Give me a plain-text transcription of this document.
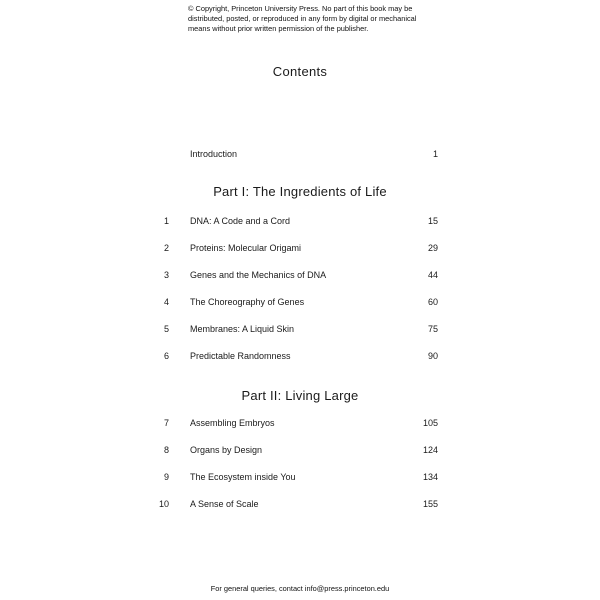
© Copyright, Princeton University Press. No part of this book may be distributed, posted, or reproduced in any form by digital or mechanical means without prior written permission of the publisher.
Contents
Introduction	1
Part I: The Ingredients of Life
1 DNA: A Code and a Cord	15
2 Proteins: Molecular Origami	29
3 Genes and the Mechanics of DNA	44
4 The Choreography of Genes	60
5 Membranes: A Liquid Skin	75
6 Predictable Randomness	90
Part II: Living Large
7 Assembling Embryos	105
8 Organs by Design	124
9 The Ecosystem inside You	134
10 A Sense of Scale	155
For general queries, contact info@press.princeton.edu
